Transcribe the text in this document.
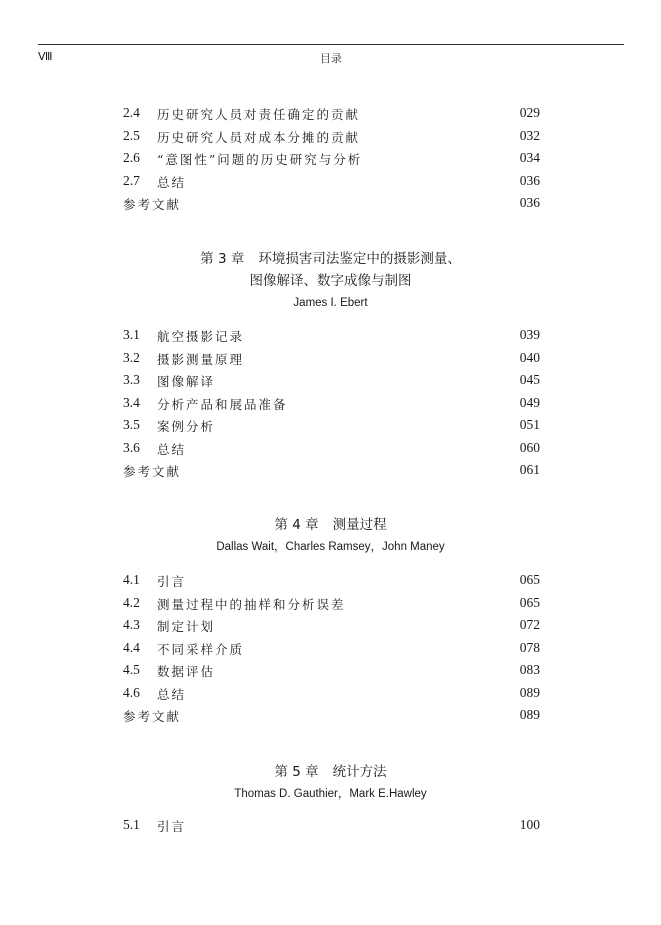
Ⅷ	目录
2.4 历史研究人员对责任确定的贡献	029
2.5 历史研究人员对成本分摊的贡献	032
2.6 “意图性”问题的历史研究与分析	034
2.7 总结	036
参考文献	036
第 3 章 环境损害司法鉴定中的摄影测量、
图像解译、数字成像与制图
James I. Ebert
3.1 航空摄影记录	039
3.2 摄影测量原理	040
3.3 图像解译	045
3.4 分析产品和展品准备	049
3.5 案例分析	051
3.6 总结	060
参考文献	061
第 4 章 测量过程
Dallas Wait，Charles Ramsey，John Maney
4.1 引言	065
4.2 测量过程中的抽样和分析误差	065
4.3 制定计划	072
4.4 不同采样介质	078
4.5 数据评估	083
4.6 总结	089
参考文献	089
第 5 章 统计方法
Thomas D. Gauthier，Mark E.Hawley
5.1 引言	100
